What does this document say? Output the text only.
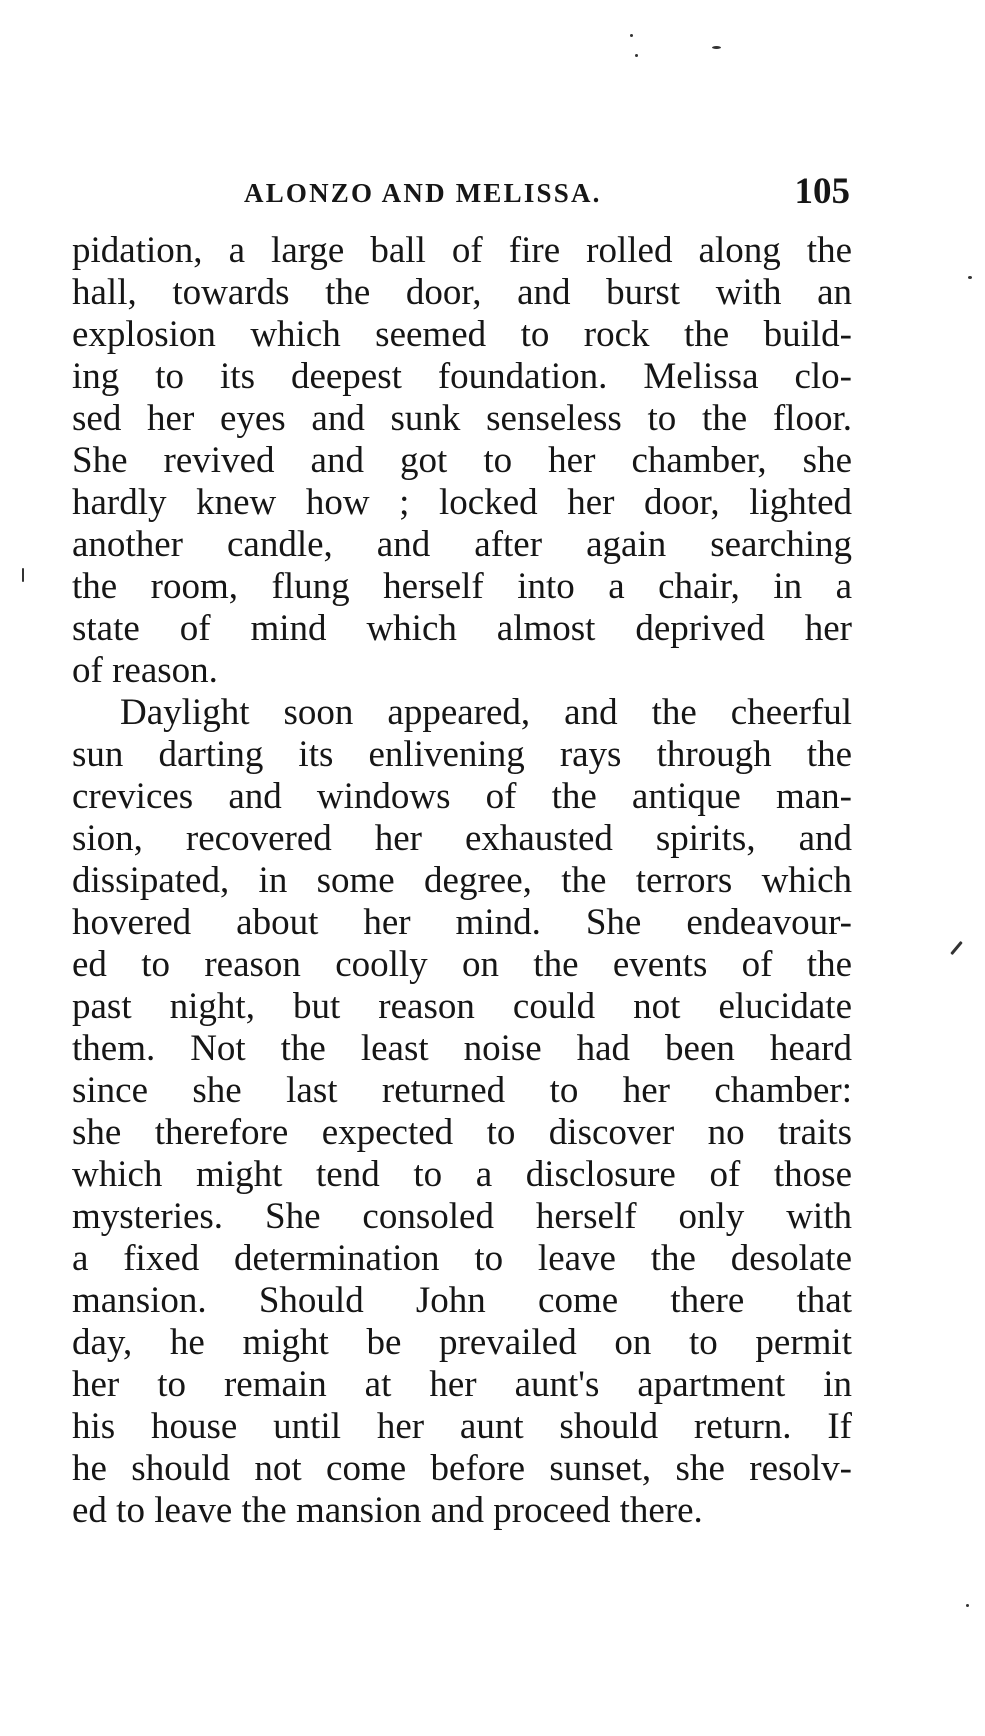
ALONZO AND MELISSA.	105
pidation, a large ball of fire rolled along the
hall, towards the door, and burst with an
explosion which seemed to rock the build-
ing to its deepest foundation. Melissa clo-
sed her eyes and sunk senseless to the floor.
She revived and got to her chamber, she
hardly knew how ; locked her door, lighted
another candle, and after again searching
the room, flung herself into a chair, in a
state of mind which almost deprived her
of reason.
Daylight soon appeared, and the cheerful
sun darting its enlivening rays through the
crevices and windows of the antique man-
sion, recovered her exhausted spirits, and
dissipated, in some degree, the terrors which
hovered about her mind. She endeavour-
ed to reason coolly on the events of the
past night, but reason could not elucidate
them. Not the least noise had been heard
since she last returned to her chamber:
she therefore expected to discover no traits
which might tend to a disclosure of those
mysteries. She consoled herself only with
a fixed determination to leave the desolate
mansion. Should John come there that
day, he might be prevailed on to permit
her to remain at her aunt's apartment in
his house until her aunt should return. If
he should not come before sunset, she resolv-
ed to leave the mansion and proceed there.
